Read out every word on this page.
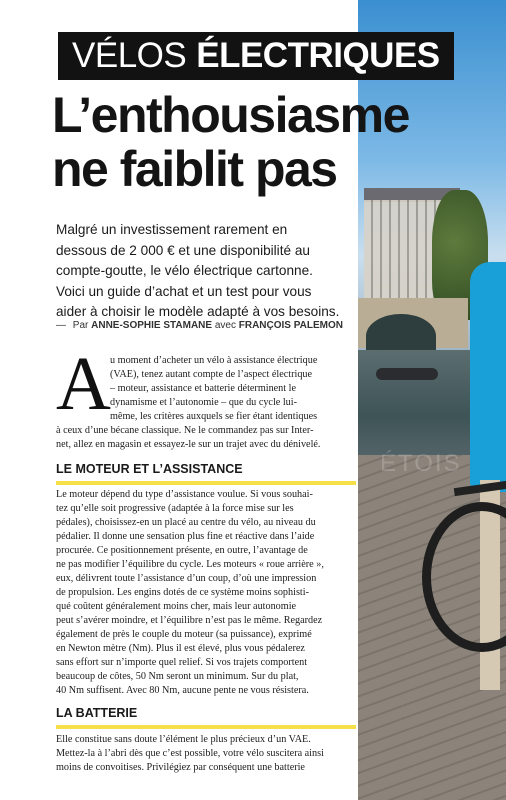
ÉTOIS
VÉLOS ÉLECTRIQUES
L’enthousiasme
ne faiblit pas

Malgré un investissement rarement en
dessous de 2 000 € et une disponibilité au
compte-goutte, le vélo électrique cartonne.
Voici un guide d’achat et un test pour vous
aider à choisir le modèle adapté à vos besoins.

— Par ANNE-SOPHIE STAMANE avec FRANÇOIS PALEMON
A u moment d’acheter un vélo à assistance électrique
(VAE), tenez autant compte de l’aspect électrique
– moteur, assistance et batterie déterminent le
dynamisme et l’autonomie – que du cycle lui-
même, les critères auxquels se fier étant identiques
à ceux d’une bécane classique. Ne le commandez pas sur Inter-
net, allez en magasin et essayez-le sur un trajet avec du dénivelé.
LE MOTEUR ET L’ASSISTANCE
Le moteur dépend du type d’assistance voulue. Si vous souhai-
tez qu’elle soit progressive (adaptée à la force mise sur les
pédales), choisissez-en un placé au centre du vélo, au niveau du
pédalier. Il donne une sensation plus fine et réactive dans l’aide
procurée. Ce positionnement présente, en outre, l’avantage de
ne pas modifier l’équilibre du cycle. Les moteurs « roue arrière »,
eux, délivrent toute l’assistance d’un coup, d’où une impression
de propulsion. Les engins dotés de ce système moins sophisti-
qué coûtent généralement moins cher, mais leur autonomie
peut s’avérer moindre, et l’équilibre n’est pas le même. Regardez
également de près le couple du moteur (sa puissance), exprimé
en Newton mètre (Nm). Plus il est élevé, plus vous pédalerez
sans effort sur n’importe quel relief. Si vos trajets comportent
beaucoup de côtes, 50 Nm seront un minimum. Sur du plat,
40 Nm suffisent. Avec 80 Nm, aucune pente ne vous résistera.
LA BATTERIE
Elle constitue sans doute l’élément le plus précieux d’un VAE.
Mettez-la à l’abri dès que c’est possible, votre vélo suscitera ainsi
moins de convoitises. Privilégiez par conséquent une batterie
